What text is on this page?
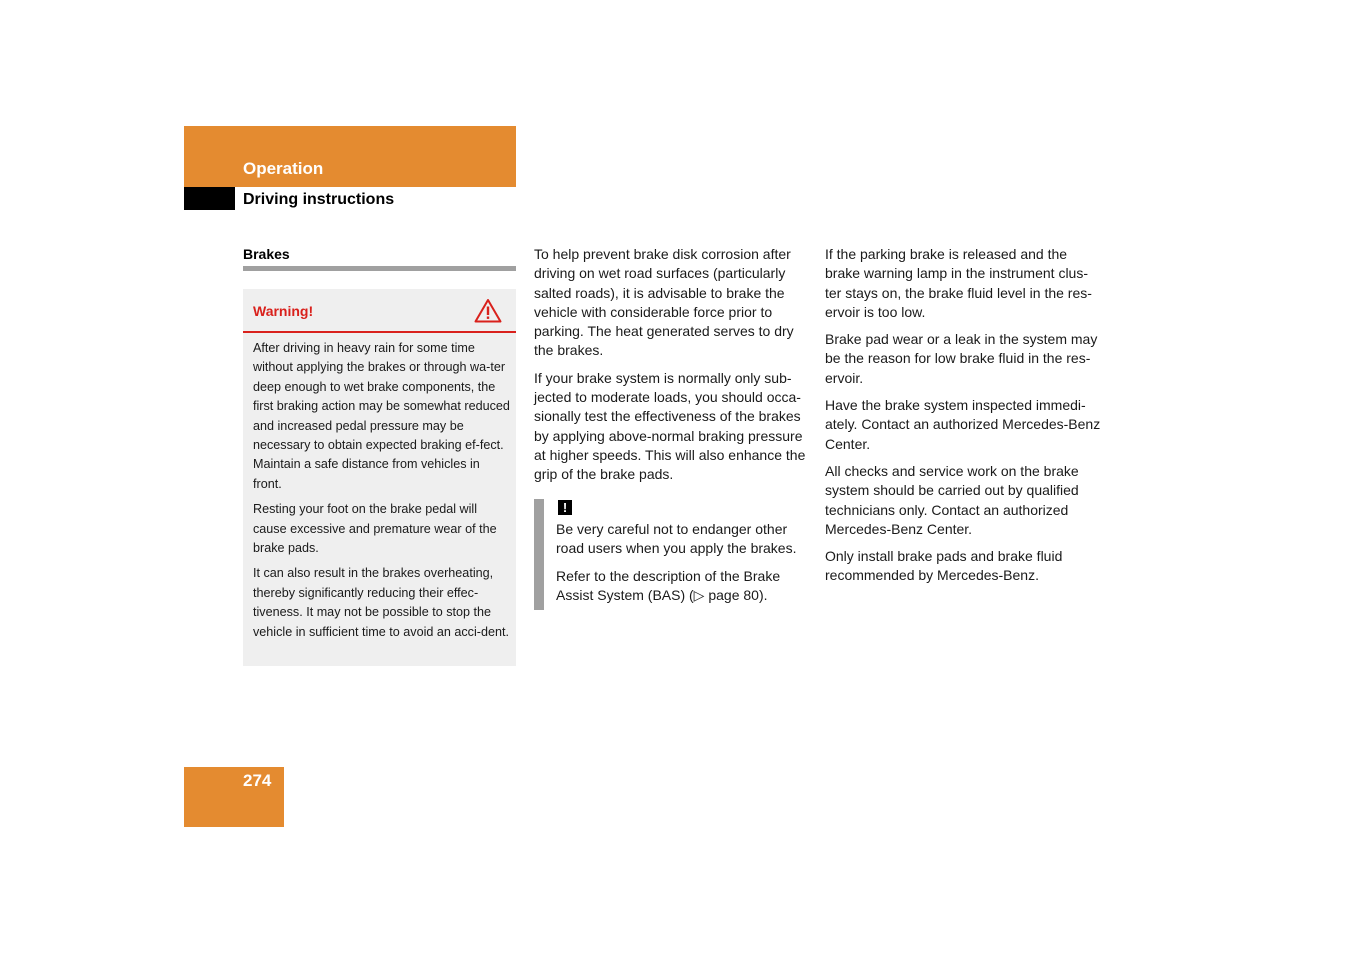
Operation
Driving instructions
Brakes
Warning!

After driving in heavy rain for some time without applying the brakes or through wa-ter deep enough to wet brake components, the first braking action may be somewhat reduced and increased pedal pressure may be necessary to obtain expected braking ef-fect. Maintain a safe distance from vehicles in front.

Resting your foot on the brake pedal will cause excessive and premature wear of the brake pads.

It can also result in the brakes overheating, thereby significantly reducing their effec-tiveness. It may not be possible to stop the vehicle in sufficient time to avoid an acci-dent.

To help prevent brake disk corrosion after driving on wet road surfaces (particularly salted roads), it is advisable to brake the vehicle with considerable force prior to parking. The heat generated serves to dry the brakes.

If your brake system is normally only sub-jected to moderate loads, you should occa-sionally test the effectiveness of the brakes by applying above-normal braking pressure at higher speeds. This will also enhance the grip of the brake pads.

!

Be very careful not to endanger other road users when you apply the brakes.

Refer to the description of the Brake Assist System (BAS) (▷ page 80).

If the parking brake is released and the brake warning lamp in the instrument clus-ter stays on, the brake fluid level in the res-ervoir is too low.

Brake pad wear or a leak in the system may be the reason for low brake fluid in the res-ervoir.

Have the brake system inspected immedi-ately. Contact an authorized Mercedes-Benz Center.

All checks and service work on the brake system should be carried out by qualified technicians only. Contact an authorized Mercedes-Benz Center.

Only install brake pads and brake fluid recommended by Mercedes-Benz.

274
